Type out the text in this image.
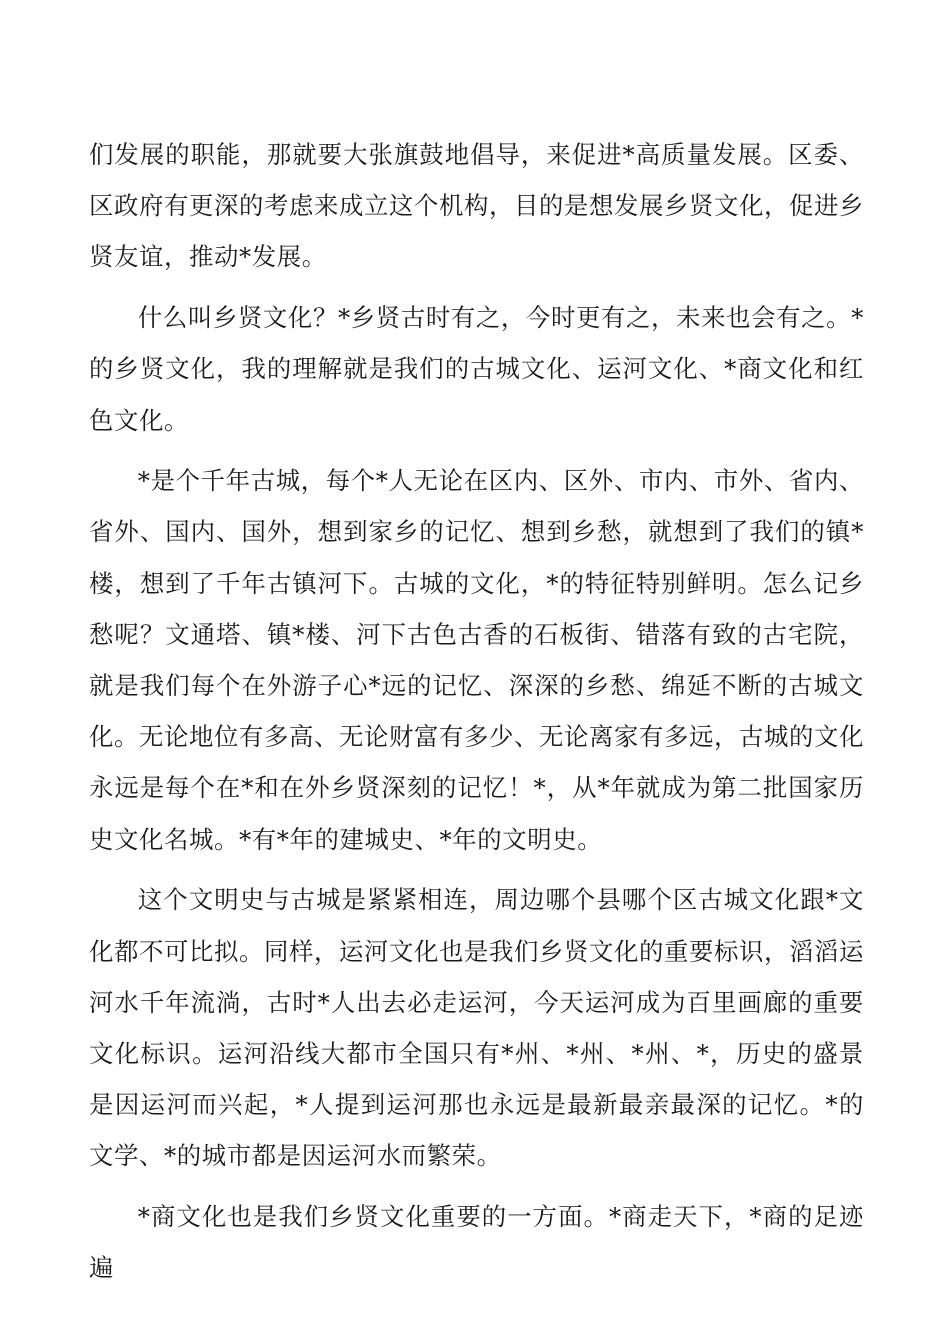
们发展的职能，那就要大张旗鼓地倡导，来促进*高质量发展。区委、区政府有更深的考虑来成立这个机构，目的是想发展乡贤文化，促进乡贤友谊，推动*发展。

什么叫乡贤文化？*乡贤古时有之，今时更有之，未来也会有之。*的乡贤文化，我的理解就是我们的古城文化、运河文化、*商文化和红色文化。

*是个千年古城，每个*人无论在区内、区外、市内、市外、省内、省外、国内、国外，想到家乡的记忆、想到乡愁，就想到了我们的镇*楼，想到了千年古镇河下。古城的文化，*的特征特别鲜明。怎么记乡愁呢？文通塔、镇*楼、河下古色古香的石板街、错落有致的古宅院，就是我们每个在外游子心*远的记忆、深深的乡愁、绵延不断的古城文化。无论地位有多高、无论财富有多少、无论离家有多远，古城的文化永远是每个在*和在外乡贤深刻的记忆！*，从*年就成为第二批国家历史文化名城。*有*年的建城史、*年的文明史。

这个文明史与古城是紧紧相连，周边哪个县哪个区古城文化跟*文化都不可比拟。同样，运河文化也是我们乡贤文化的重要标识，滔滔运河水千年流淌，古时*人出去必走运河，今天运河成为百里画廊的重要文化标识。运河沿线大都市全国只有*州、*州、*州、*，历史的盛景是因运河而兴起，*人提到运河那也永远是最新最亲最深的记忆。*的文学、*的城市都是因运河水而繁荣。

*商文化也是我们乡贤文化重要的一方面。*商走天下，*商的足迹遍
